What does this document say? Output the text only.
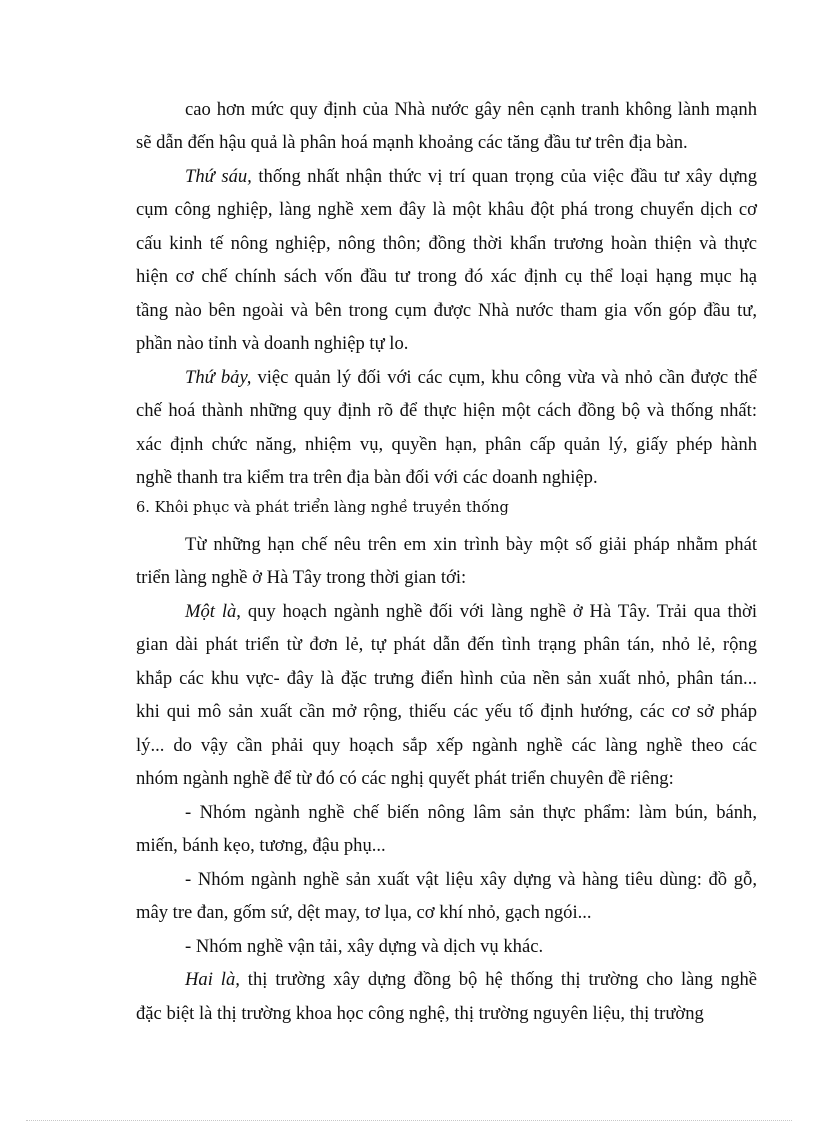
cao hơn mức quy định của Nhà nước gây nên cạnh tranh không lành mạnh
sẽ dẫn đến hậu quả là phân hoá mạnh khoảng các tăng đầu tư trên địa bàn.
Thứ sáu, thống nhất nhận thức vị trí quan trọng của việc đầu tư xây dựng
cụm công nghiệp, làng nghề xem đây là một khâu đột phá trong chuyển dịch cơ
cấu kinh tế nông nghiệp, nông thôn; đồng thời khẩn trương hoàn thiện và thực
hiện cơ chế chính sách vốn đầu tư trong đó xác định cụ thể loại hạng mục hạ
tầng nào bên ngoài và bên trong cụm được Nhà nước tham gia vốn góp đầu tư,
phần nào tỉnh và doanh nghiệp tự lo.
Thứ bảy, việc quản lý đối với các cụm, khu công vừa và nhỏ cần được thể
chế hoá thành những quy định rõ để thực hiện một cách đồng bộ và thống nhất:
xác định chức năng, nhiệm vụ, quyền hạn, phân cấp quản lý, giấy phép hành
nghề thanh tra kiểm tra trên địa bàn đối với các doanh nghiệp.
6. Khôi phục và phát triển làng nghề truyền thống
Từ những hạn chế nêu trên em xin trình bày một số giải pháp nhằm phát
triển làng nghề ở Hà Tây trong thời gian tới:
Một là, quy hoạch ngành nghề đối với làng nghề ở Hà Tây. Trải qua thời
gian dài phát triển từ đơn lẻ, tự phát dẫn đến tình trạng phân tán, nhỏ lẻ, rộng
khắp các khu vực- đây là đặc trưng điển hình của nền sản xuất nhỏ, phân tán...
khi qui mô sản xuất cần mở rộng, thiếu các yếu tố định hướng, các cơ sở pháp
lý... do vậy cần phải quy hoạch sắp xếp ngành nghề các làng nghề theo các
nhóm ngành nghề để từ đó có các nghị quyết phát triển chuyên đề riêng:
- Nhóm ngành nghề chế biến nông lâm sản thực phẩm: làm bún, bánh,
miến, bánh kẹo, tương, đậu phụ...
- Nhóm ngành nghề sản xuất vật liệu xây dựng và hàng tiêu dùng: đồ gỗ,
mây tre đan, gốm sứ, dệt may, tơ lụa, cơ khí nhỏ, gạch ngói...
- Nhóm nghề vận tải, xây dựng và dịch vụ khác.
Hai là, thị trường xây dựng đồng bộ hệ thống thị trường cho làng nghề
đặc biệt là thị trường khoa học công nghệ, thị trường nguyên liệu, thị trường
